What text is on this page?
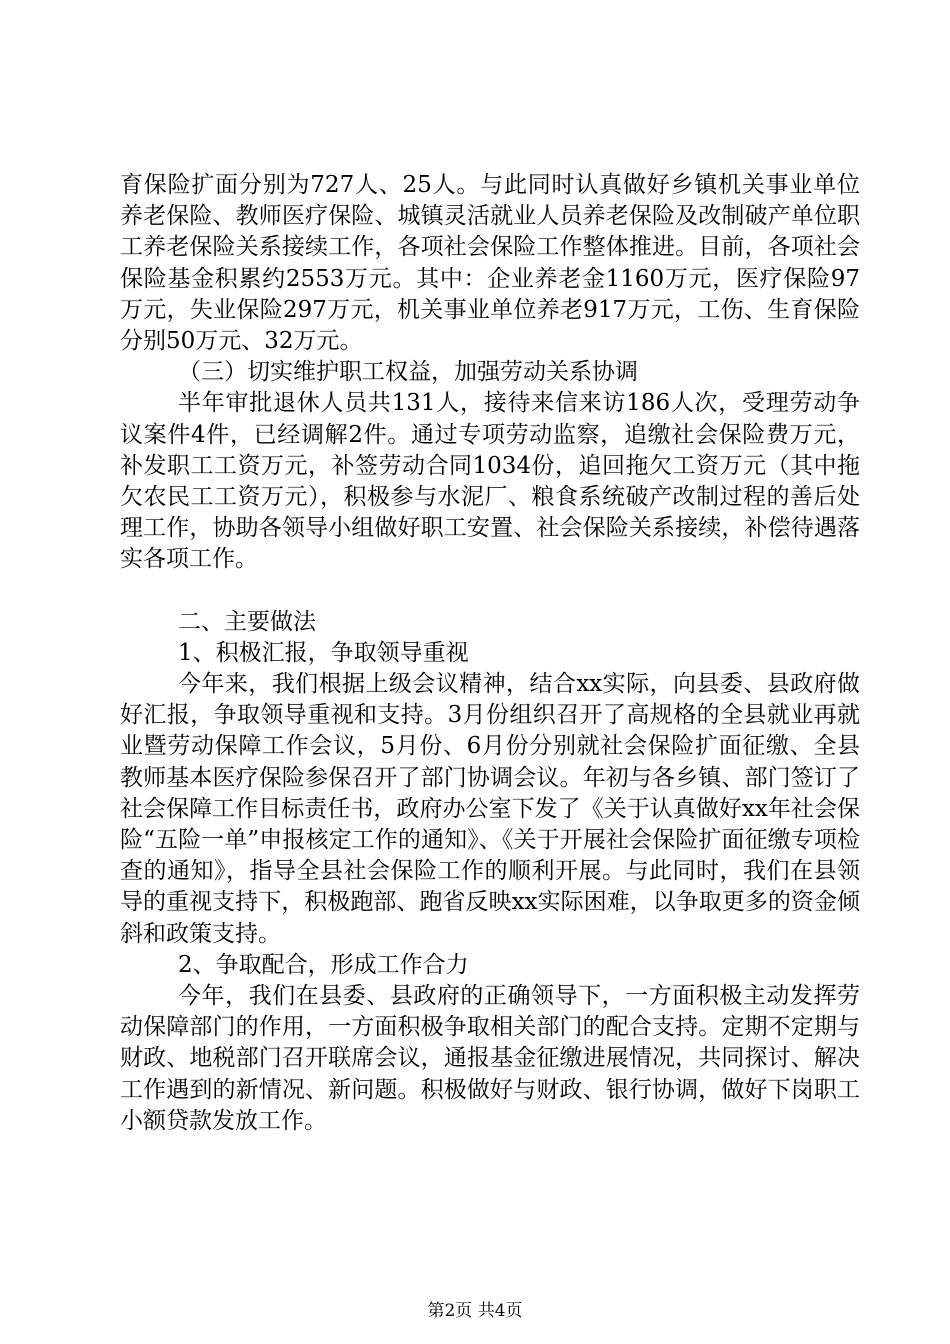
育保险扩面分别为727人、25人。与此同时认真做好乡镇机关事业单位养老保险、教师医疗保险、城镇灵活就业人员养老保险及改制破产单位职工养老保险关系接续工作，各项社会保险工作整体推进。目前，各项社会保险基金积累约2553万元。其中：企业养老金1160万元，医疗保险97万元，失业保险297万元，机关事业单位养老917万元，工伤、生育保险分别50万元、32万元。

（三）切实维护职工权益，加强劳动关系协调

半年审批退休人员共131人，接待来信来访186人次，受理劳动争议案件4件，已经调解2件。通过专项劳动监察，追缴社会保险费万元，补发职工工资万元，补签劳动合同1034份，追回拖欠工资万元（其中拖欠农民工工资万元），积极参与水泥厂、粮食系统破产改制过程的善后处理工作，协助各领导小组做好职工安置、社会保险关系接续，补偿待遇落实各项工作。

二、主要做法

1、积极汇报，争取领导重视

今年来，我们根据上级会议精神，结合xx实际，向县委、县政府做好汇报，争取领导重视和支持。3月份组织召开了高规格的全县就业再就业暨劳动保障工作会议，5月份、6月份分别就社会保险扩面征缴、全县教师基本医疗保险参保召开了部门协调会议。年初与各乡镇、部门签订了社会保障工作目标责任书，政府办公室下发了《关于认真做好xx年社会保险“五险一单”申报核定工作的通知》、《关于开展社会保险扩面征缴专项检查的通知》，指导全县社会保险工作的顺利开展。与此同时，我们在县领导的重视支持下，积极跑部、跑省反映xx实际困难，以争取更多的资金倾斜和政策支持。

2、争取配合，形成工作合力

今年，我们在县委、县政府的正确领导下，一方面积极主动发挥劳动保障部门的作用，一方面积极争取相关部门的配合支持。定期不定期与财政、地税部门召开联席会议，通报基金征缴进展情况，共同探讨、解决工作遇到的新情况、新问题。积极做好与财政、银行协调，做好下岗职工小额贷款发放工作。

第2页 共4页
